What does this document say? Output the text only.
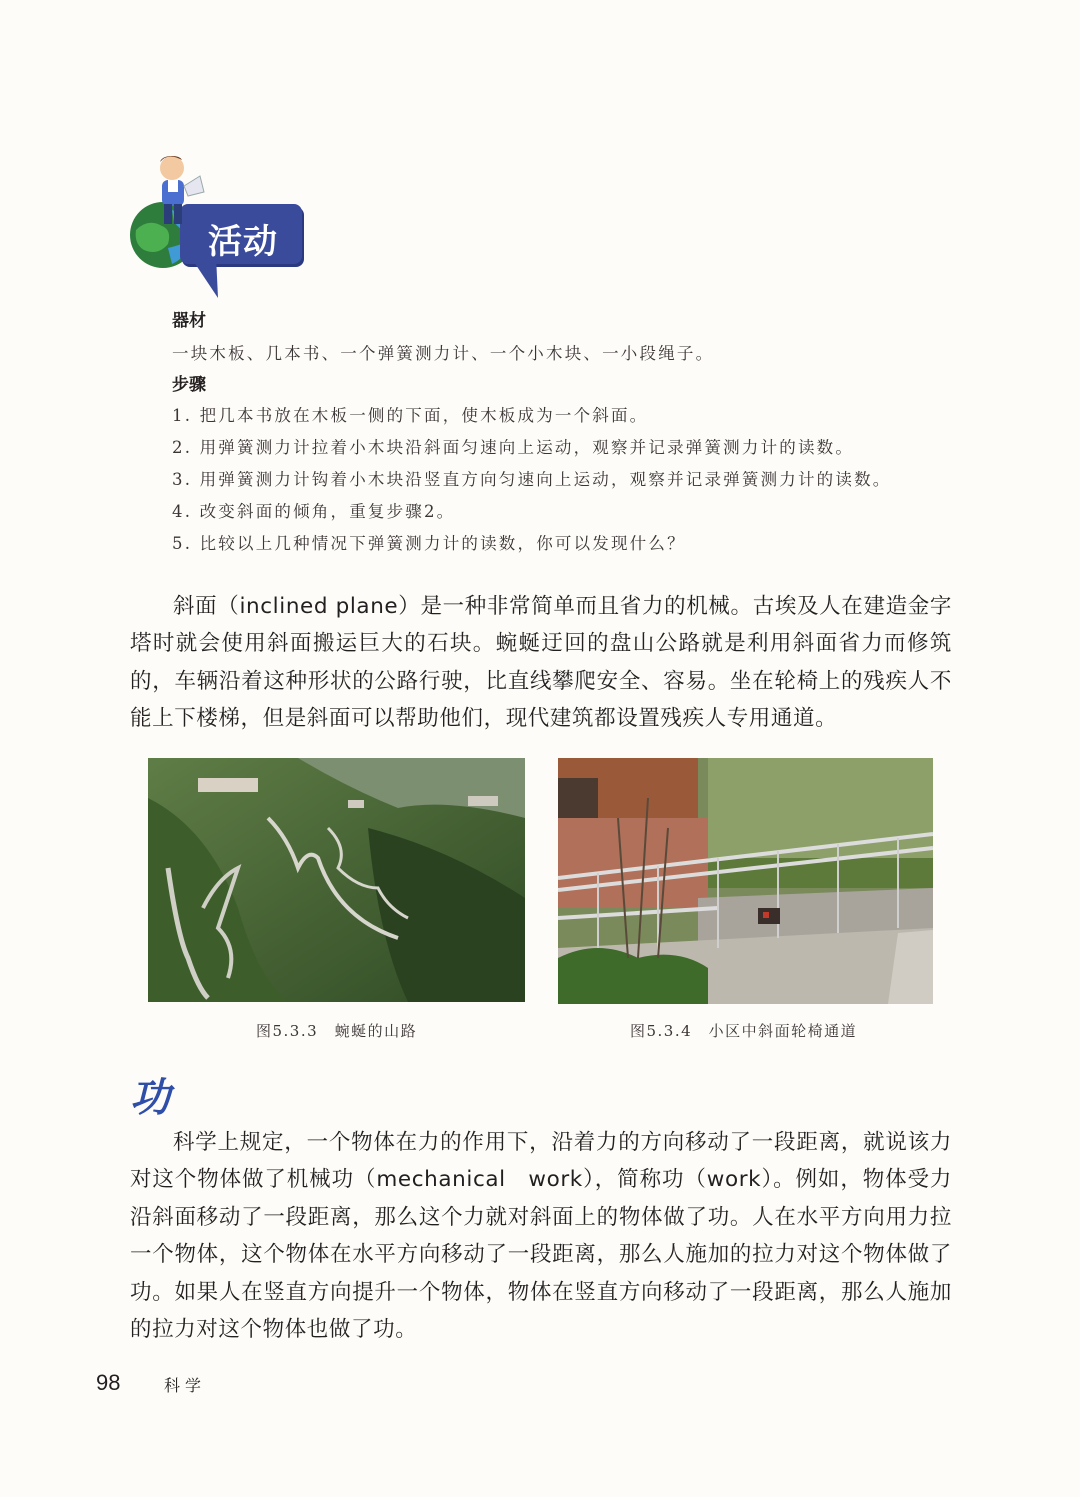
活动
器材
一块木板、几本书、一个弹簧测力计、一个小木块、一小段绳子。
步骤
1. 把几本书放在木板一侧的下面，使木板成为一个斜面。
2. 用弹簧测力计拉着小木块沿斜面匀速向上运动，观察并记录弹簧测力计的读数。
3. 用弹簧测力计钩着小木块沿竖直方向匀速向上运动，观察并记录弹簧测力计的读数。
4. 改变斜面的倾角，重复步骤2。
5. 比较以上几种情况下弹簧测力计的读数，你可以发现什么？
斜面（inclined plane）是一种非常简单而且省力的机械。古埃及人在建造金字塔时就会使用斜面搬运巨大的石块。蜿蜒迂回的盘山公路就是利用斜面省力而修筑的，车辆沿着这种形状的公路行驶，比直线攀爬安全、容易。坐在轮椅上的残疾人不能上下楼梯，但是斜面可以帮助他们，现代建筑都设置残疾人专用通道。
图5.3.3　蜿蜒的山路	图5.3.4　小区中斜面轮椅通道
功
科学上规定，一个物体在力的作用下，沿着力的方向移动了一段距离，就说该力对这个物体做了机械功（mechanical　work），简称功（work）。例如，物体受力沿斜面移动了一段距离，那么这个力就对斜面上的物体做了功。人在水平方向用力拉一个物体，这个物体在水平方向移动了一段距离，那么人施加的拉力对这个物体做了功。如果人在竖直方向提升一个物体，物体在竖直方向移动了一段距离，那么人施加的拉力对这个物体也做了功。
98	科学
